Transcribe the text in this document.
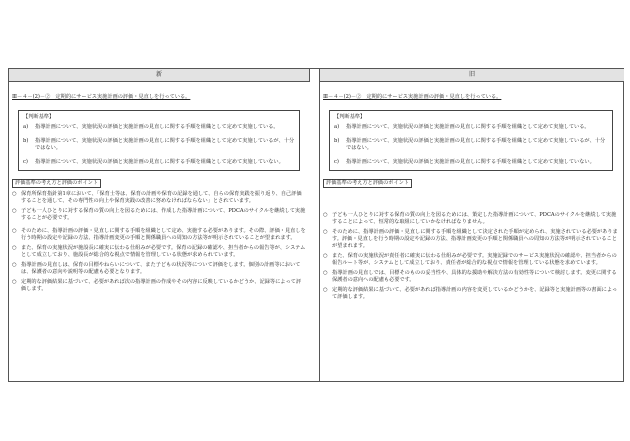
新	旧
Ⅲ－４－(2)－②　定期的にサービス実施計画の評価・見直しを行っている。
【判断基準】
a)	指導計画について、実施状況の評価と実施計画の見直しに関する手順を組織として定めて実施している。
b)	指導計画について、実施状況の評価と実施計画の見直しに関する手順を組織として定めて実施しているが、十分ではない。
c)	指導計画について、実施状況の評価と実施計画の見直しに関する手順を組織として定めて実施していない。
評価基準の考え方と評価のポイント
○ 保育所保育指針第1章において、「保育士等は、保育の計画や保育の記録を通して、自らの保育実践を振り返り、自己評価することを通して、その専門性の向上や保育実践の改善に努めなければならない」とされています。
○ 子ども一人ひとりに対する保育の質の向上を図るためには、作成した指導計画について、PDCAのサイクルを継続して実施することが必要です。
○ そのために、指導計画の評価・見直しに関する手順を組織として定め、実施する必要があります。その際、評価・見直しを行う時期の設定や記録の方法、指導計画変更の手順と関係職員への周知の方法等が明示されていることが望まれます。
○ また、保育の実施状況が施設長に確実に伝わる仕組みが必要です。保育の記録の確認や、担当者からの報告等が、システムとして成立しており、施設長が総合的な視点で情報を管理している状態が求められています。
○ 指導計画の見直しは、保育の目標やねらいについて、また子どもの状況等について評価をします。個別の計画等においては、保護者の意向や説明等の配慮も必要となります。
○ 定期的な評価結果に基づいて、必要があれば次の指導計画の作成やその内容に反映しているかどうか、記録等によって評価します。
Ⅲ－４－(2)－②　定期的にサービス実施計画の評価・見直しを行っている。
【判断基準】
a)	指導計画について、実施状況の評価と実施計画の見直しに関する手順を組織として定めて実施している。
b)	指導計画について、実施状況の評価と実施計画の見直しに関する手順を組織として定めて実施しているが、十分ではない。
c)	指導計画について、実施状況の評価と実施計画の見直しに関する手順を組織として定めて実施していない。
評価基準の考え方と評価のポイント
○ 子ども一人ひとりに対する保育の質の向上を図るためには、策定した指導計画について、PDCAのサイクルを継続して実施することによって、恒常的な取組にしていかなければなりません。
○ そのために、指導計画の評価・見直しに関する手順を組織として決定された手順が定められ、実施されている必要があります。評価・見直しを行う時期の設定や記録の方法、指導計画変更の手順と関係職員への周知の方法等が明示されていることが望まれます。
○ また、保育の実施状況が責任者に確実に伝わる仕組みが必要です。実施記録でのサービス実施状況の確認や、担当者からの報告ルート等が、システムとして成立しており、責任者が総合的な視点で情報を管理している状態を求めています。
○ 指導計画の見直しでは、目標そのものの妥当性や、具体的な援助や解決方法の有効性等について検討します。変更に関する保護者の意向への配慮も必要です。
○ 定期的な評価結果に基づいて、必要があれば指導計画の内容を変更しているかどうかを、記録等と実施計画等の書面によって評価します。
